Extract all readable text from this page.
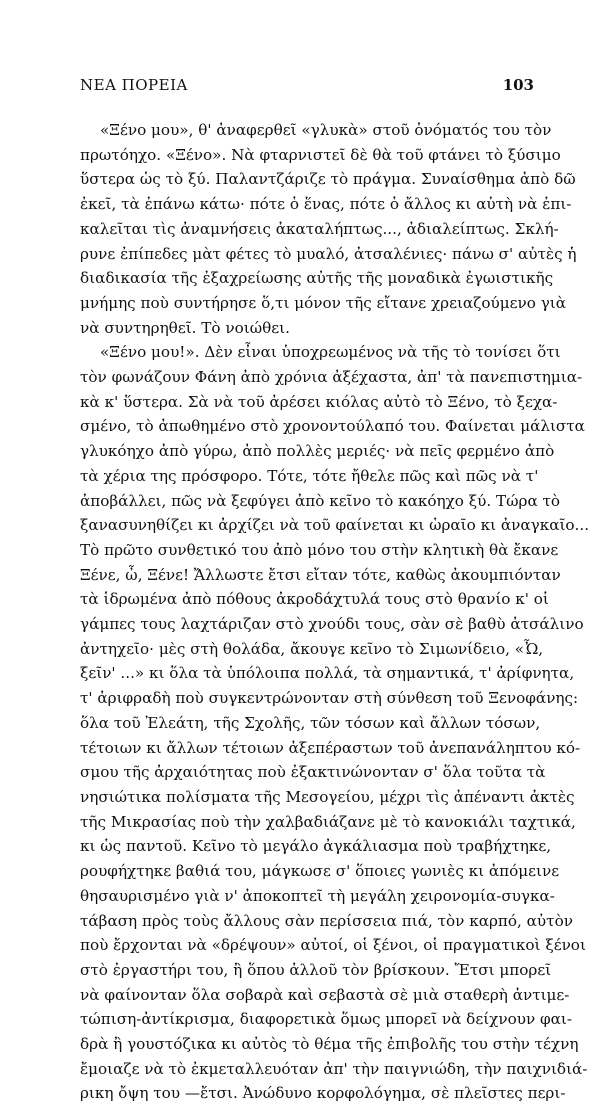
ΝΕΑ ΠΟΡΕΙΑ	103
«Ξένο μου», θ' ἀναφερθεῖ «γλυκὰ» στοῦ ὀνόματός του τὸν
πρωτόηχο. «Ξένο». Νὰ φταρνιστεῖ δὲ θὰ τοῦ φτάνει τὸ ξύσιμο
ὕστερα ὡς τὸ ξύ. Παλαντζάριζε τὸ πράγμα. Συναίσθημα ἀπὸ δῶ
ἐκεῖ, τὰ ἐπάνω κάτω· πότε ὁ ἕνας, πότε ὁ ἄλλος κι αὐτὴ νὰ ἐπι-
καλεῖται τὶς ἀναμνήσεις ἀκαταλήπτως..., ἀδιαλείπτως. Σκλή-
ρυνε ἐπίπεδες μὰτ φέτες τὸ μυαλό, ἀτσαλένιες· πάνω σ' αὐτὲς ἡ
διαδικασία τῆς ἐξαχρείωσης αὐτῆς τῆς μοναδικὰ ἐγωιστικῆς
μνήμης ποὺ συντήρησε ὅ,τι μόνον τῆς εἴτανε χρειαζούμενο γιὰ
νὰ συντηρηθεῖ. Τὸ νοιώθει.
«Ξένο μου!». Δὲν εἶναι ὑποχρεωμένος νὰ τῆς τὸ τονίσει ὅτι
τὸν φωνάζουν Φάνη ἀπὸ χρόνια ἀξέχαστα, ἀπ' τὰ πανεπιστημια-
κὰ κ' ὕστερα. Σὰ νὰ τοῦ ἀρέσει κιόλας αὐτὸ τὸ Ξένο, τὸ ξεχα-
σμένο, τὸ ἀπωθημένο στὸ χρονοντούλαπό του. Φαίνεται μάλιστα
γλυκόηχο ἀπὸ γύρω, ἀπὸ πολλὲς μεριές· νὰ πεῖς φερμένο ἀπὸ
τὰ χέρια της πρόσφορο. Τότε, τότε ἤθελε πῶς καὶ πῶς νὰ τ'
ἀποβάλλει, πῶς νὰ ξεφύγει ἀπὸ κεῖνο τὸ κακόηχο ξύ. Τώρα τὸ
ξανασυνηθίζει κι ἀρχίζει νὰ τοῦ φαίνεται κι ὡραῖο κι ἀναγκαῖο...
Τὸ πρῶτο συνθετικό του ἀπὸ μόνο του στὴν κλητικὴ θὰ ἔκανε
Ξένε, ὦ, Ξένε! Ἄλλωστε ἔτσι εἴταν τότε, καθὼς ἀκουμπιόνταν
τὰ ἱδρωμένα ἀπὸ πόθους ἀκροδάχτυλά τους στὸ θρανίο κ' οἱ
γάμπες τους λαχτάριζαν στὸ χνούδι τους, σὰν σὲ βαθὺ ἀτσάλινο
ἀντηχεῖο· μὲς στὴ θολάδα, ἄκουγε κεῖνο τὸ Σιμωνίδειο, «Ὦ,
ξεῖν' ...» κι ὅλα τὰ ὑπόλοιπα πολλά, τὰ σημαντικά, τ' ἀρίφνητα,
τ' ἀριφραδὴ ποὺ συγκεντρώνονταν στὴ σύνθεση τοῦ Ξενοφάνης:
ὅλα τοῦ Ἐλεάτη, τῆς Σχολῆς, τῶν τόσων καὶ ἄλλων τόσων,
τέτοιων κι ἄλλων τέτοιων ἀξεπέραστων τοῦ ἀνεπανάληπτου κό-
σμου τῆς ἀρχαιότητας ποὺ ἐξακτινώνονταν σ' ὅλα τοῦτα τὰ
νησιώτικα πολίσματα τῆς Μεσογείου, μέχρι τὶς ἀπέναντι ἀκτὲς
τῆς Μικρασίας ποὺ τὴν χαλβαδιάζανε μὲ τὸ κανοκιάλι ταχτικά,
κι ὡς παντοῦ. Κεῖνο τὸ μεγάλο ἀγκάλιασμα ποὺ τραβήχτηκε,
ρουφήχτηκε βαθιά του, μάγκωσε σ' ὅποιες γωνιὲς κι ἀπόμεινε
θησαυρισμένο γιὰ ν' ἀποκοπτεῖ τὴ μεγάλη χειρονομία-συγκα-
τάβαση πρὸς τοὺς ἄλλους σὰν περίσσεια πιά, τὸν καρπό, αὐτὸν
ποὺ ἔρχονται νὰ «δρέψουν» αὐτοί, οἱ ξένοι, οἱ πραγματικοὶ ξένοι
στὸ ἐργαστήρι του, ἢ ὅπου ἀλλοῦ τὸν βρίσκουν. Ἔτσι μπορεῖ
νὰ φαίνονταν ὅλα σοβαρὰ καὶ σεβαστὰ σὲ μιὰ σταθερὴ ἀντιμε-
τώπιση-ἀντίκρισμα, διαφορετικὰ ὅμως μπορεῖ νὰ δείχνουν φαι-
δρὰ ἢ γουστόζικα κι αὐτὸς τὸ θέμα τῆς ἐπιβολῆς του στὴν τέχνη
ἔμοιαζε νὰ τὸ ἐκμεταλλευόταν ἀπ' τὴν παιγνιώδη, τὴν παιχνιδιά-
ρικη ὄψη του —ἔτσι. Ἀνώδυνο κορφολόγημα, σὲ πλεῖστες περι-
